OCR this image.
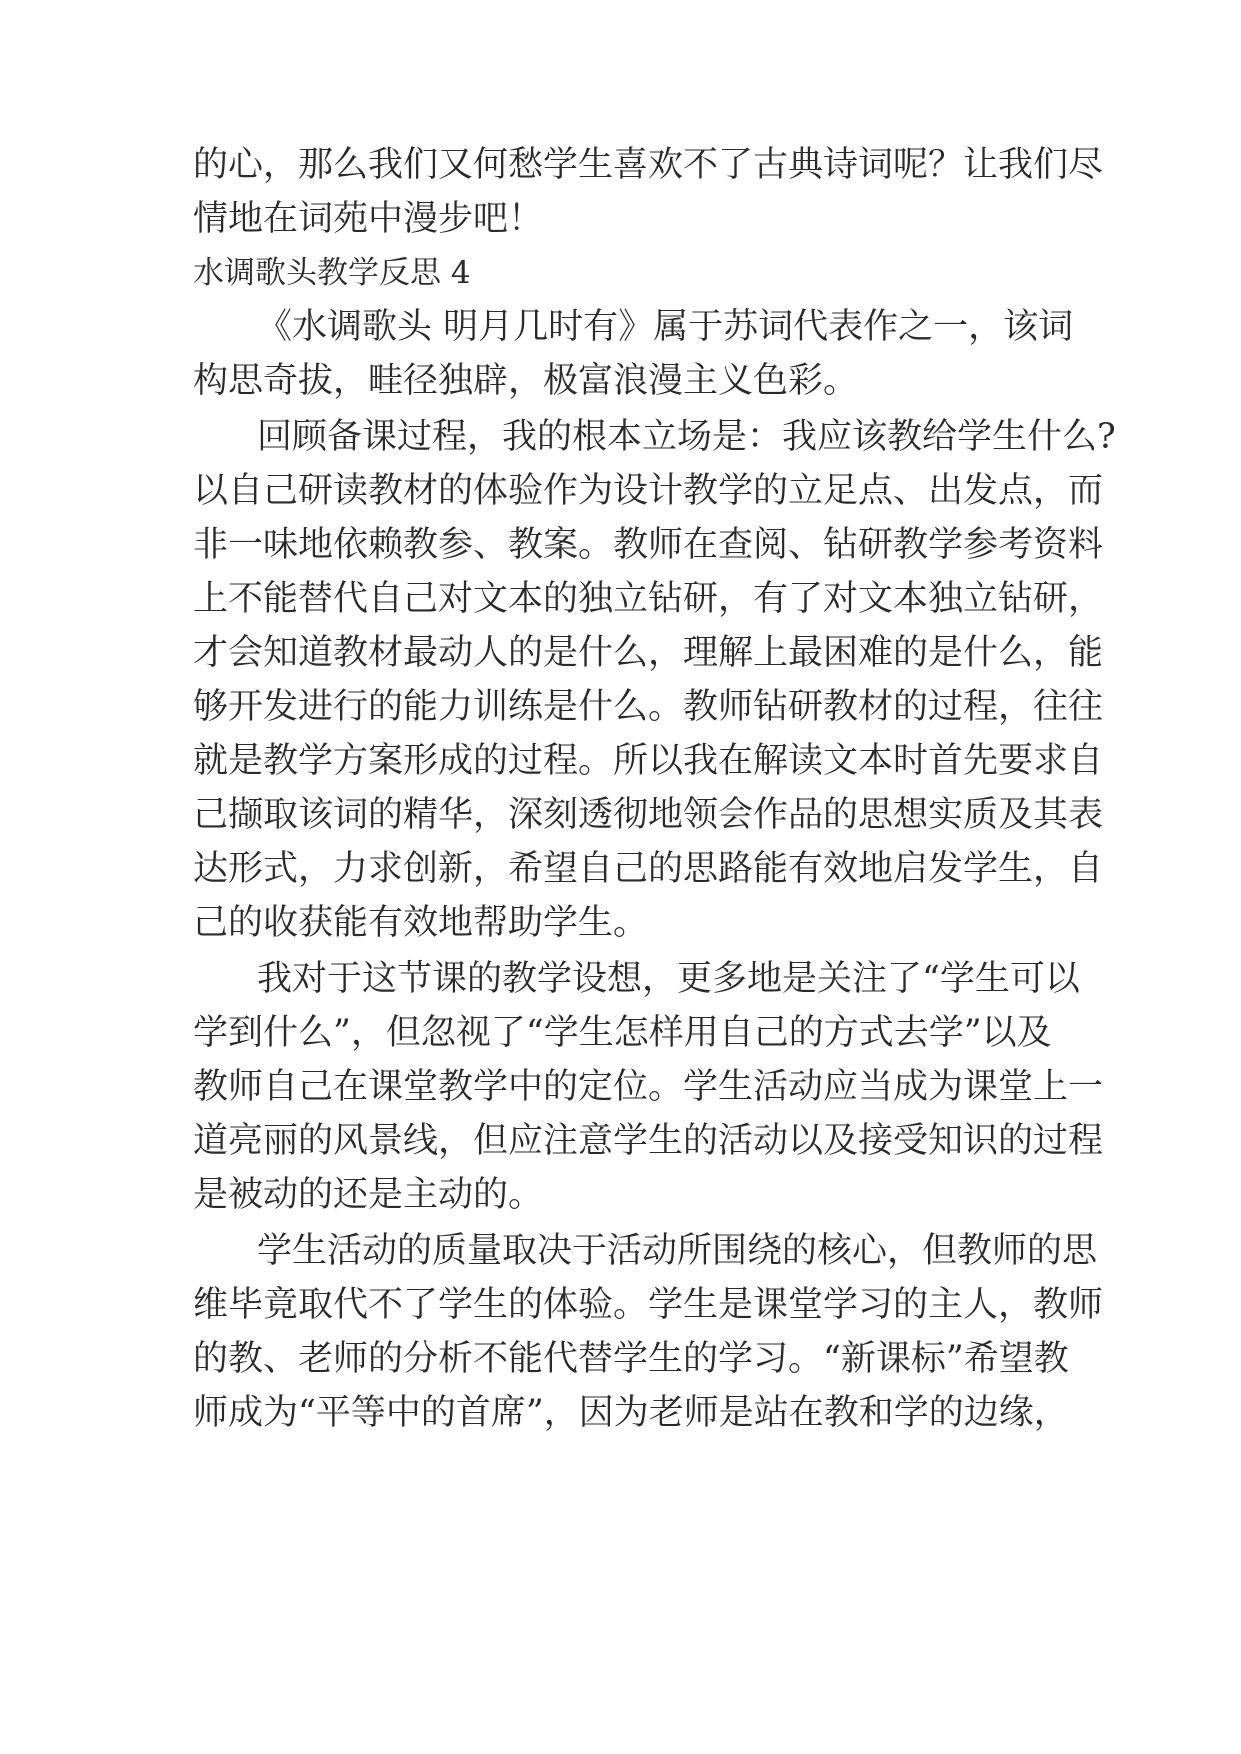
的心，那么我们又何愁学生喜欢不了古典诗词呢？让我们尽
情地在词苑中漫步吧！
水调歌头教学反思 4
《水调歌头 明月几时有》属于苏词代表作之一，该词
构思奇拔，畦径独辟，极富浪漫主义色彩。
回顾备课过程，我的根本立场是：我应该教给学生什么?
以自己研读教材的体验作为设计教学的立足点、出发点，而
非一味地依赖教参、教案。教师在查阅、钻研教学参考资料
上不能替代自己对文本的独立钻研，有了对文本独立钻研，
才会知道教材最动人的是什么，理解上最困难的是什么，能
够开发进行的能力训练是什么。教师钻研教材的过程，往往
就是教学方案形成的过程。所以我在解读文本时首先要求自
己撷取该词的精华，深刻透彻地领会作品的思想实质及其表
达形式，力求创新，希望自己的思路能有效地启发学生，自
己的收获能有效地帮助学生。
我对于这节课的教学设想，更多地是关注了“学生可以
学到什么”，但忽视了“学生怎样用自己的方式去学”以及
教师自己在课堂教学中的定位。学生活动应当成为课堂上一
道亮丽的风景线，但应注意学生的活动以及接受知识的过程
是被动的还是主动的。
学生活动的质量取决于活动所围绕的核心，但教师的思
维毕竟取代不了学生的体验。学生是课堂学习的主人，教师
的教、老师的分析不能代替学生的学习。“新课标”希望教
师成为“平等中的首席”，因为老师是站在教和学的边缘，
